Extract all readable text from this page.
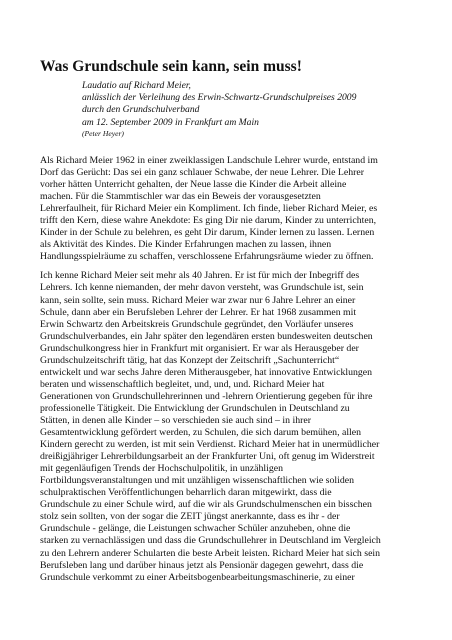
Was Grundschule sein kann, sein muss!
Laudatio auf Richard Meier,
anlässlich der Verleihung des Erwin-Schwartz-Grundschulpreises 2009
durch den Grundschulverband
am 12. September 2009 in Frankfurt am Main
(Peter Heyer)
Als Richard Meier 1962 in einer zweiklassigen Landschule Lehrer wurde, entstand im
Dorf das Gerücht: Das sei ein ganz schlauer Schwabe, der neue Lehrer. Die Lehrer
vorher hätten Unterricht gehalten, der Neue lasse die Kinder die Arbeit alleine
machen. Für die Stammtischler war das ein Beweis der vorausgesetzten
Lehrerfaulheit, für Richard Meier ein Kompliment. Ich finde, lieber Richard Meier, es
trifft den Kern, diese wahre Anekdote: Es ging Dir nie darum, Kinder zu unterrichten,
Kinder in der Schule zu belehren, es geht Dir darum, Kinder lernen zu lassen. Lernen
als Aktivität des Kindes. Die Kinder Erfahrungen machen zu lassen, ihnen
Handlungsspielräume zu schaffen, verschlossene Erfahrungsräume wieder zu öffnen.
Ich kenne Richard Meier seit mehr als 40 Jahren. Er ist für mich der Inbegriff des
Lehrers. Ich kenne niemanden, der mehr davon versteht, was Grundschule ist, sein
kann, sein sollte, sein muss. Richard Meier war zwar nur 6 Jahre Lehrer an einer
Schule, dann aber ein Berufsleben Lehrer der Lehrer. Er hat 1968 zusammen mit
Erwin Schwartz den Arbeitskreis Grundschule gegründet, den Vorläufer unseres
Grundschulverbandes, ein Jahr später den legendären ersten bundesweiten deutschen
Grundschulkongress hier in Frankfurt mit organisiert. Er war als Herausgeber der
Grundschulzeitschrift tätig, hat das Konzept der Zeitschrift „Sachunterricht“
entwickelt und war sechs Jahre deren Mitherausgeber, hat innovative Entwicklungen
beraten und wissenschaftlich begleitet, und, und, und. Richard Meier hat
Generationen von Grundschullehrerinnen und -lehrern Orientierung gegeben für ihre
professionelle Tätigkeit. Die Entwicklung der Grundschulen in Deutschland zu
Stätten, in denen alle Kinder – so verschieden sie auch sind – in ihrer
Gesamtentwicklung gefördert werden, zu Schulen, die sich darum bemühen, allen
Kindern gerecht zu werden, ist mit sein Verdienst. Richard Meier hat in unermüdlicher
dreißigjähriger Lehrerbildungsarbeit an der Frankfurter Uni, oft genug im Widerstreit
mit gegenläufigen Trends der Hochschulpolitik, in unzähligen
Fortbildungsveranstaltungen und mit unzähligen wissenschaftlichen wie soliden
schulpraktischen Veröffentlichungen beharrlich daran mitgewirkt, dass die
Grundschule zu einer Schule wird, auf die wir als Grundschulmenschen ein bisschen
stolz sein sollten, von der sogar die ZEIT jüngst anerkannte, dass es ihr - der
Grundschule - gelänge, die Leistungen schwacher Schüler anzuheben, ohne die
starken zu vernachlässigen und dass die Grundschullehrer in Deutschland im Vergleich
zu den Lehrern anderer Schularten die beste Arbeit leisten. Richard Meier hat sich sein
Berufsleben lang und darüber hinaus jetzt als Pensionär dagegen gewehrt, dass die
Grundschule verkommt zu einer Arbeitsbogenbearbeitungsmaschinerie, zu einer
